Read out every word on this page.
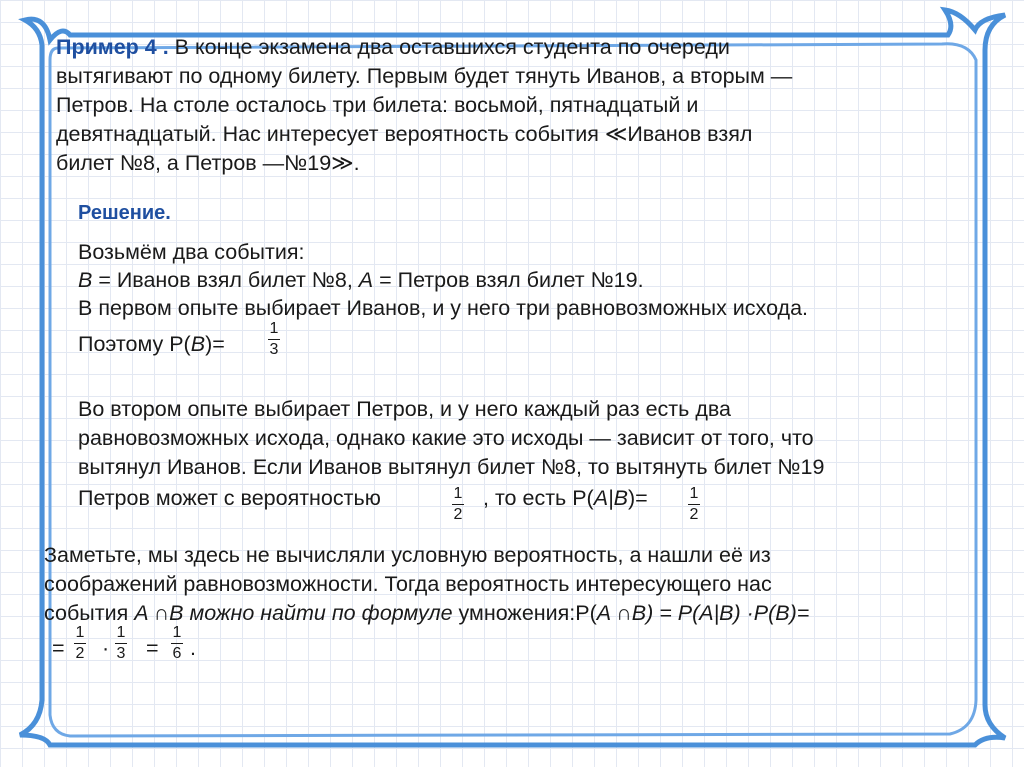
Пример 4 . В конце экзамена два оставшихся студента по очереди
вытягивают по одному билету. Первым будет тянуть Иванов, а вторым —
Петров. На столе осталось три билета: восьмой, пятнадцатый и
девятнадцатый. Нас интересует вероятность события ≪Иванов взял
билет №8, а Петров —№19≫.
Решение.
Возьмём два события:
B = Иванов взял билет №8, A = Петров взял билет №19.
В первом опыте выбирает Иванов, и у него три равновозможных исхода.
Поэтому P(B)=
1
3
Во втором опыте выбирает Петров, и у него каждый раз есть два
равновозможных исхода, однако какие это исходы — зависит от того, что
вытянул Иванов. Если Иванов вытянул билет №8, то вытянуть билет №19
Петров может с вероятностью	1
2
, то есть P(A|B)=	1
2
Заметьте, мы здесь не вычисляли условную вероятность, а нашли её из
соображений равновозможности. Тогда вероятность интересующего нас
события A ∩B можно найти по формуле умножения:P(A ∩B) = P(A|B) ·P(B)=
=
1
2 ·
1
3 =
1
6 .
